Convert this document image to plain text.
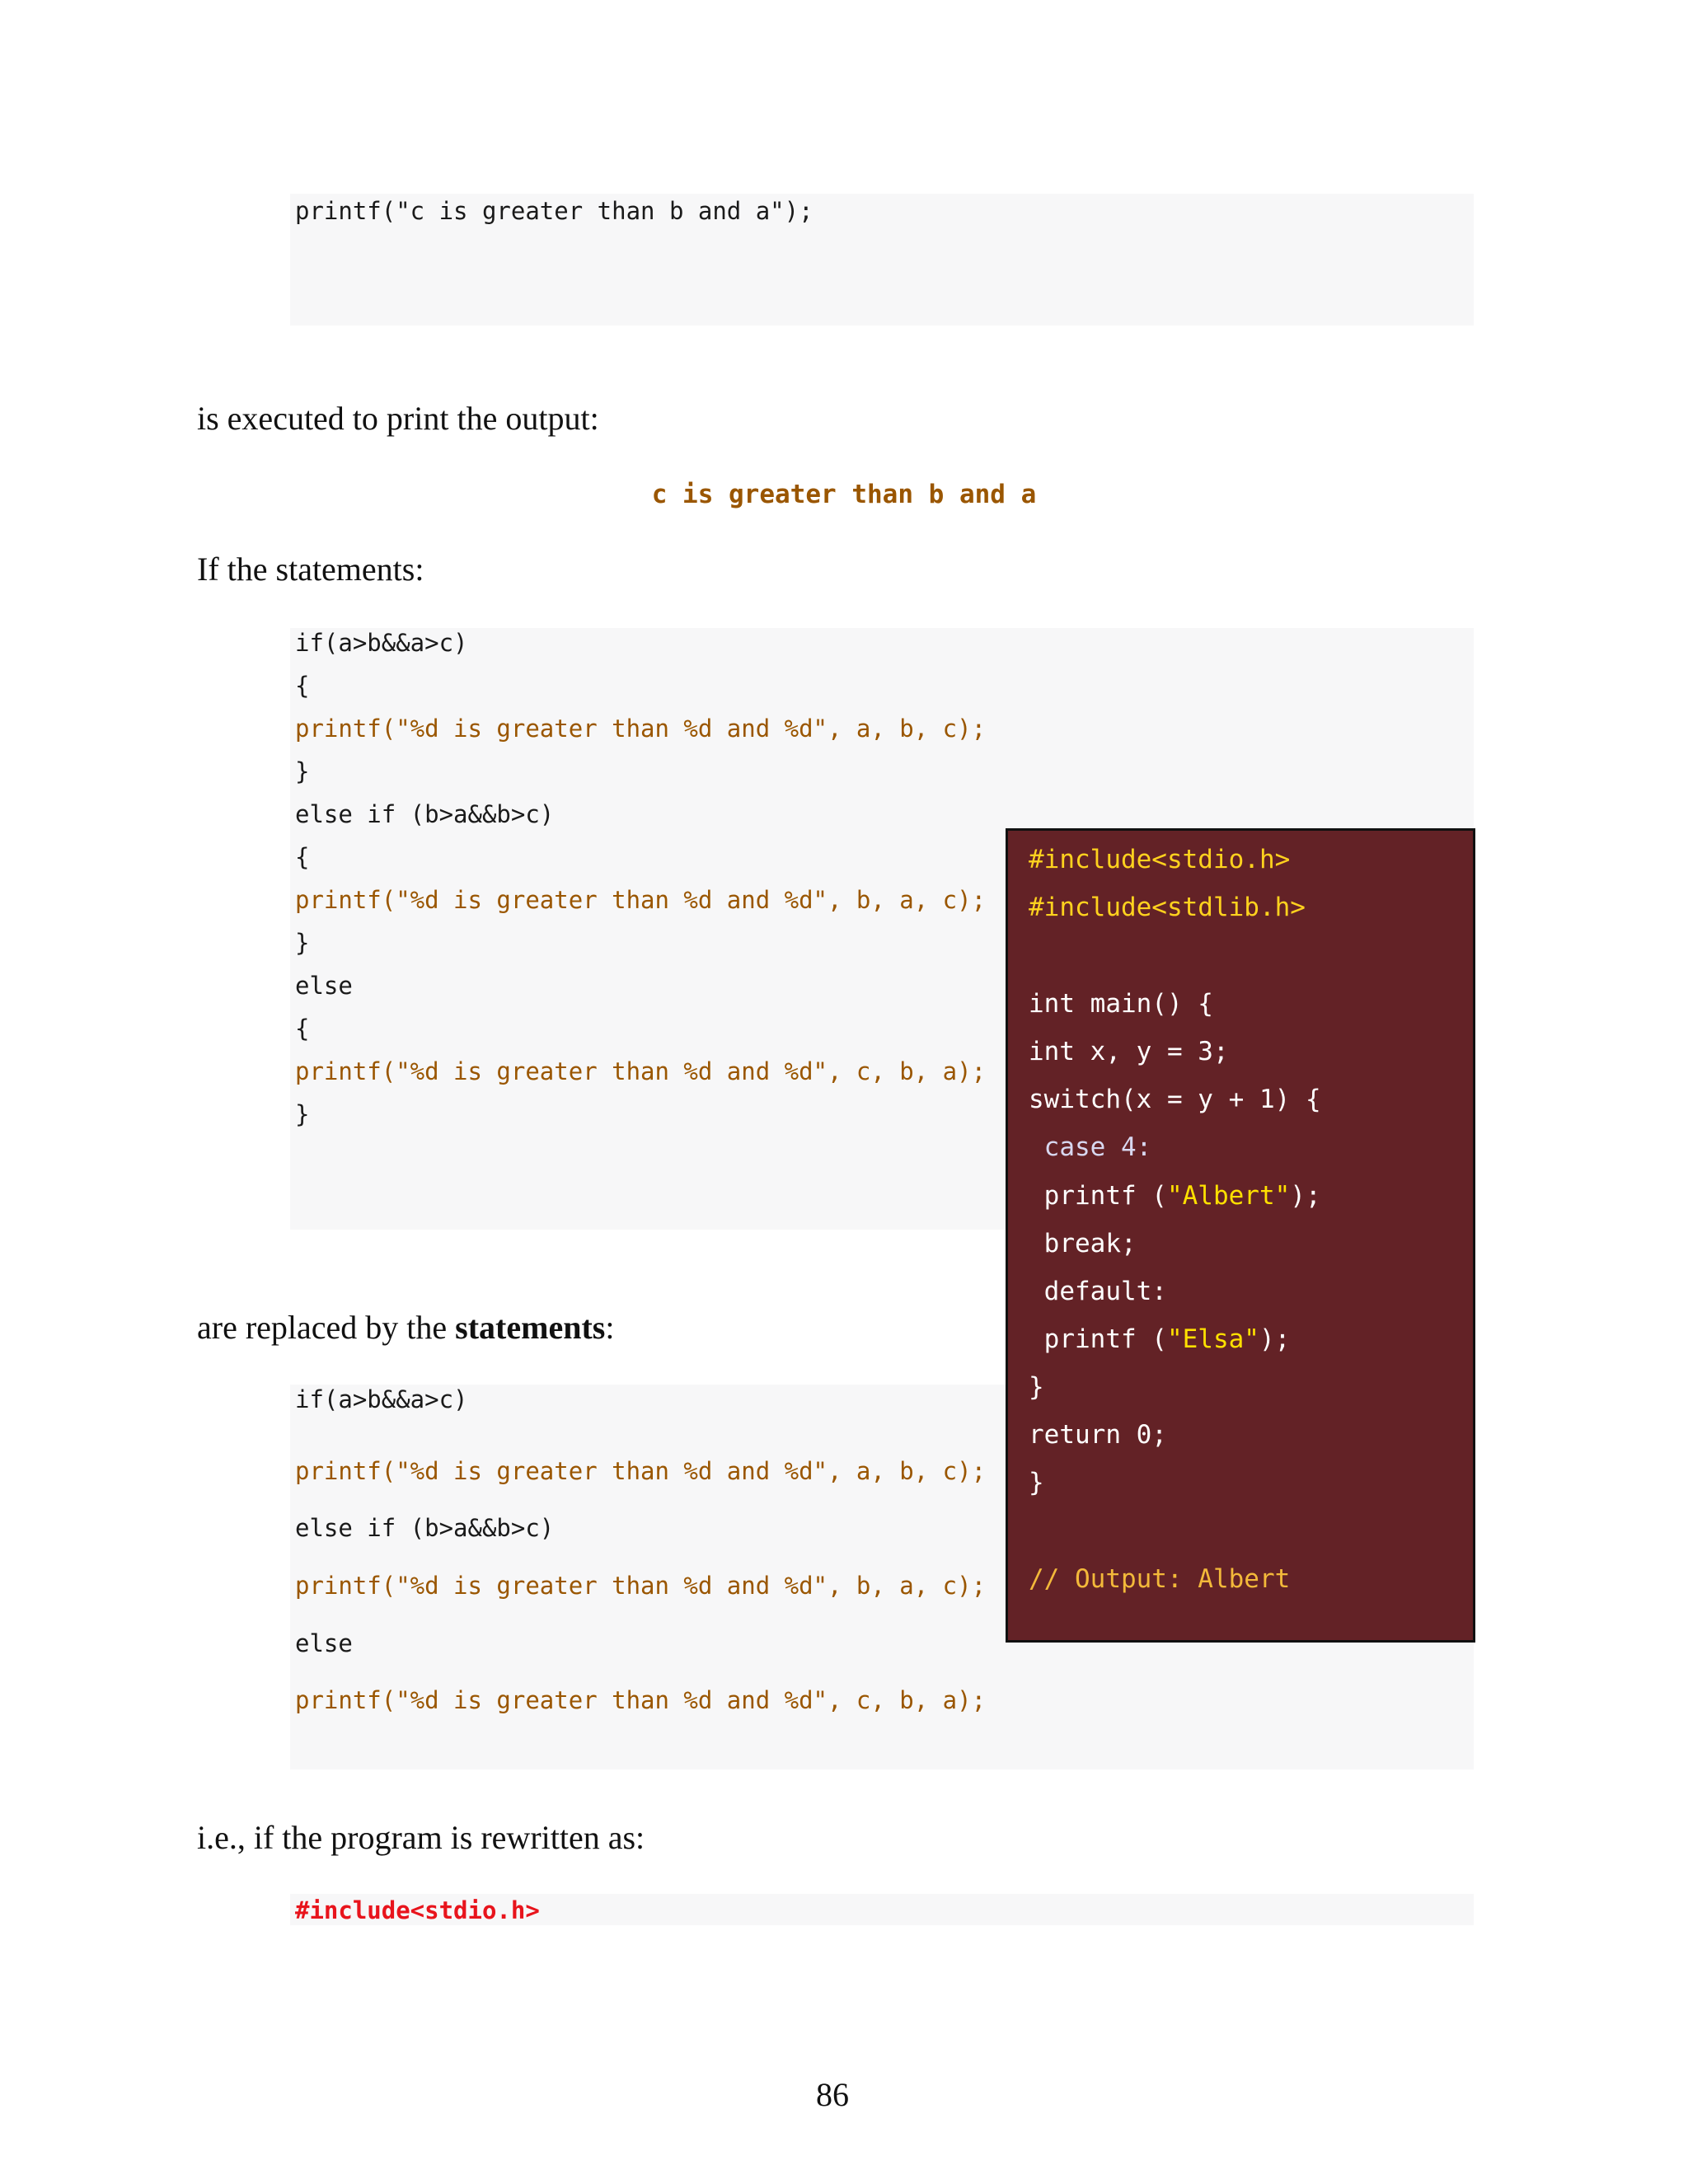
printf("c is greater than b and a");
is executed to print the output:
c is greater than b and a
If the statements:
if(a>b&&a>c)
{
printf("%d is greater than %d and %d", a, b, c);
}
else if (b>a&&b>c)
{
printf("%d is greater than %d and %d", b, a, c);
}
else
{
printf("%d is greater than %d and %d", c, b, a);
}
are replaced by the statements:
if(a>b&&a>c)
printf("%d is greater than %d and %d", a, b, c);
else if (b>a&&b>c)
printf("%d is greater than %d and %d", b, a, c);
else
printf("%d is greater than %d and %d", c, b, a);
i.e., if the program is rewritten as:
#include<stdio.h>
#include<stdio.h>
#include<stdlib.h>
int main() {
int x, y = 3;
switch(x = y + 1) {
case 4:
printf ("Albert");
break;
default:
printf ("Elsa");
}
return 0;
}
// Output: Albert
86
